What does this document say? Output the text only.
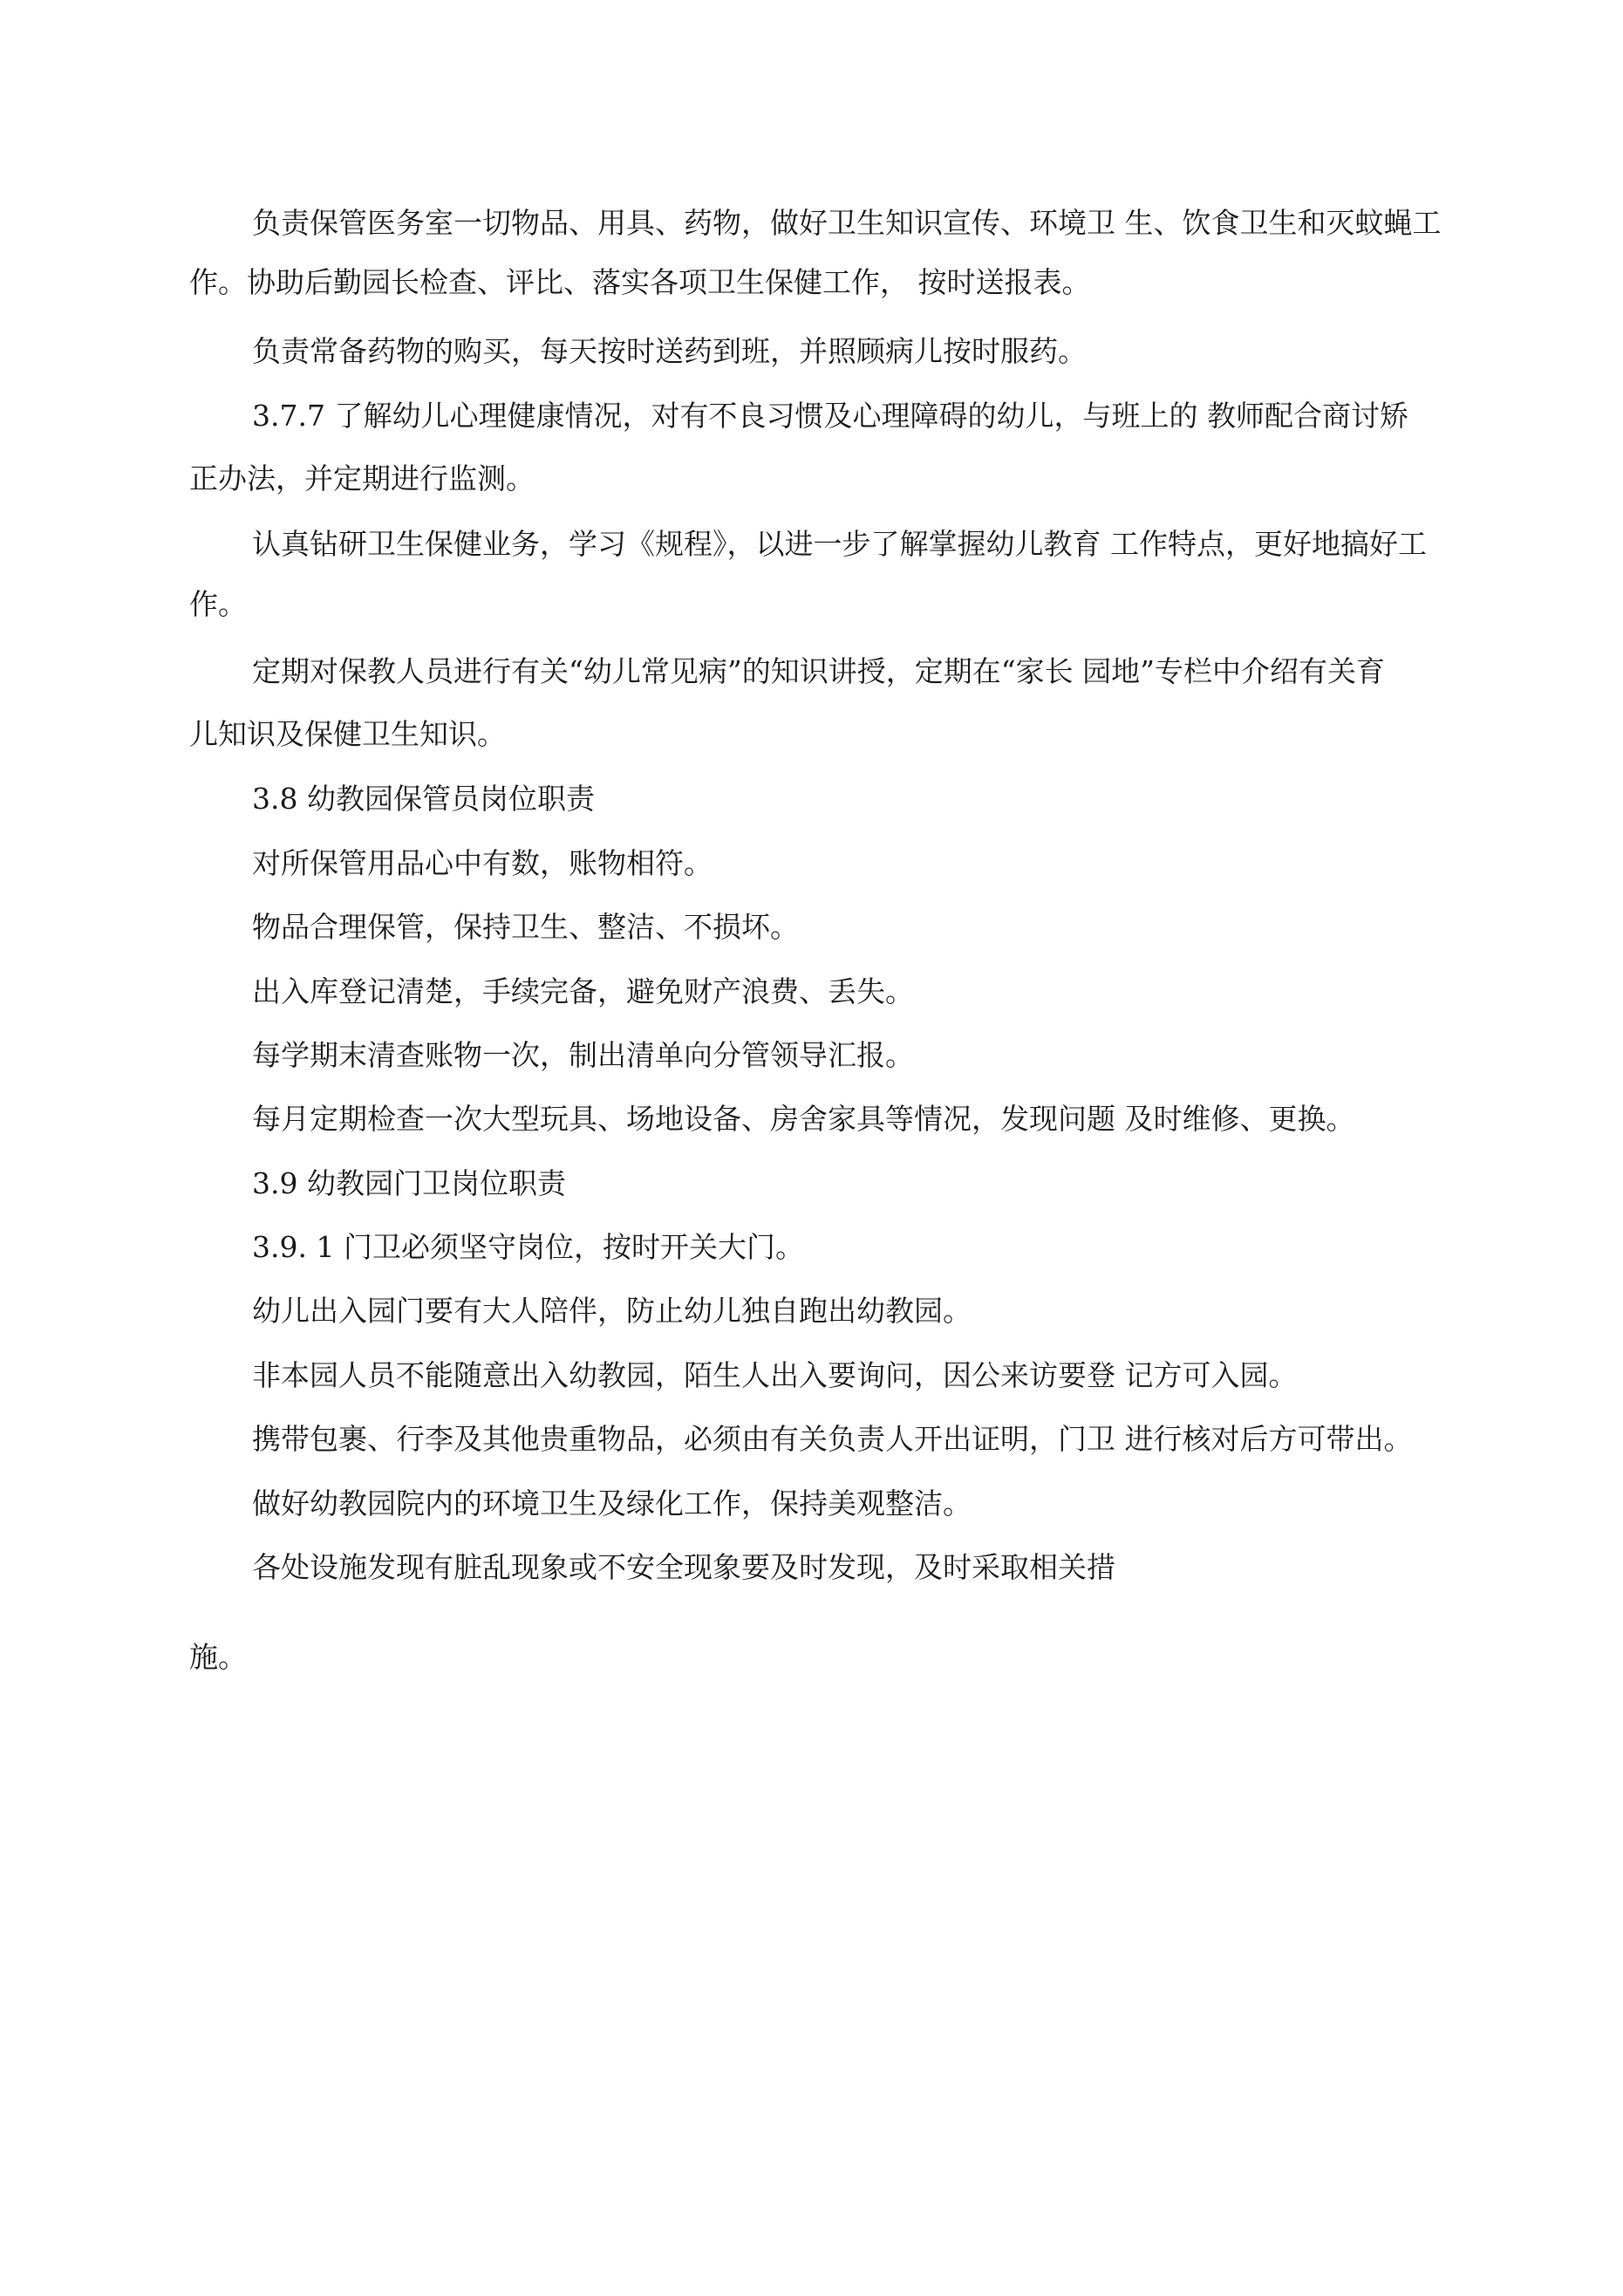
负责保管医务室一切物品、用具、药物，做好卫生知识宣传、环境卫 生、饮食卫生和灭蚊蝇工
作。协助后勤园长检查、评比、落实各项卫生保健工作， 按时送报表。
负责常备药物的购买，每天按时送药到班，并照顾病儿按时服药。
3.7.7 了解幼儿心理健康情况，对有不良习惯及心理障碍的幼儿，与班上的 教师配合商讨矫
正办法，并定期进行监测。
认真钻研卫生保健业务，学习《规程》，以进一步了解掌握幼儿教育 工作特点，更好地搞好工
作。
定期对保教人员进行有关“幼儿常见病”的知识讲授，定期在“家长 园地”专栏中介绍有关育
儿知识及保健卫生知识。
3.8 幼教园保管员岗位职责
对所保管用品心中有数，账物相符。
物品合理保管，保持卫生、整洁、不损坏。
出入库登记清楚，手续完备，避免财产浪费、丢失。
每学期末清查账物一次，制出清单向分管领导汇报。
每月定期检查一次大型玩具、场地设备、房舍家具等情况，发现问题 及时维修、更换。
3.9 幼教园门卫岗位职责
3.9. 1 门卫必须坚守岗位，按时开关大门。
幼儿出入园门要有大人陪伴，防止幼儿独自跑出幼教园。
非本园人员不能随意出入幼教园，陌生人出入要询问，因公来访要登 记方可入园。
携带包裹、行李及其他贵重物品，必须由有关负责人开出证明，门卫 进行核对后方可带出。
做好幼教园院内的环境卫生及绿化工作，保持美观整洁。
各处设施发现有脏乱现象或不安全现象要及时发现，及时采取相关措
施。
